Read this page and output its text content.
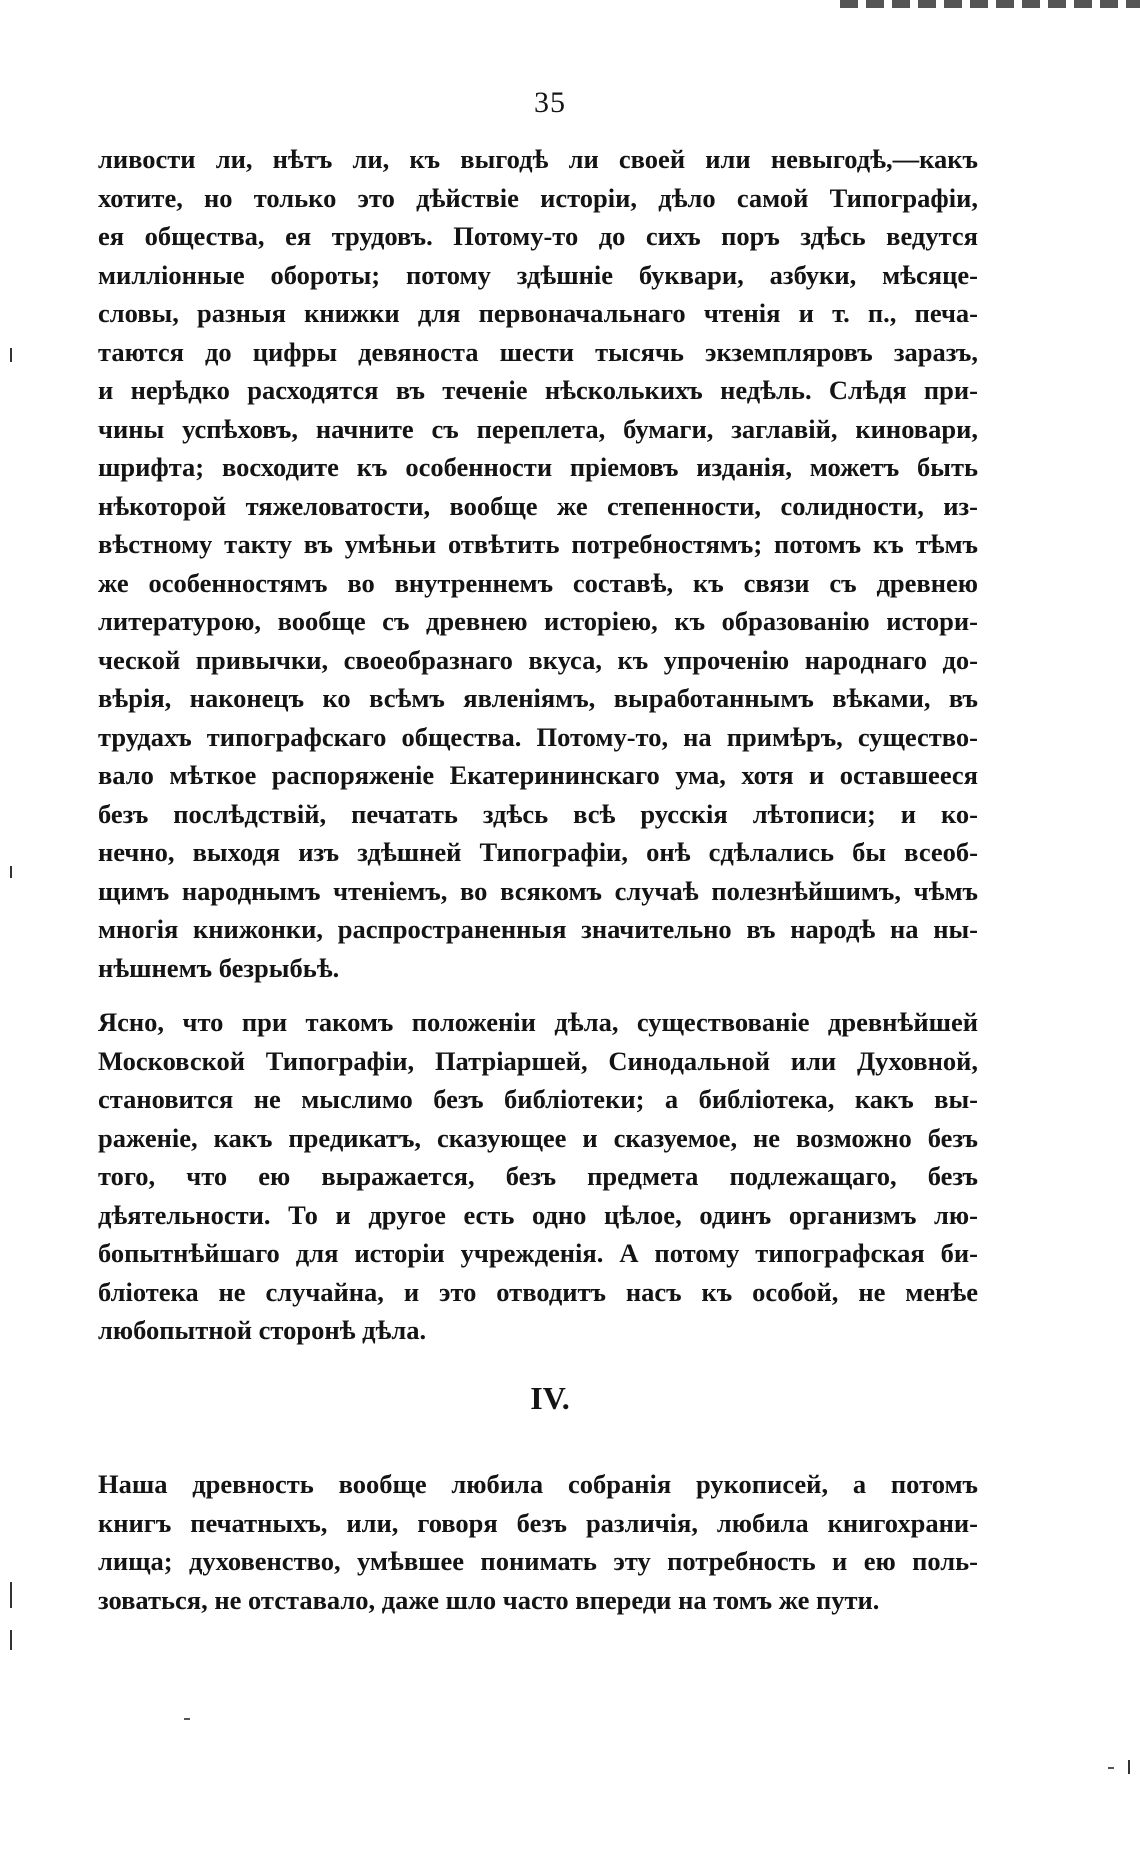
35
ливости ли, нѣтъ ли, къ выгодѣ ли своей или невыгодѣ,—какъ
хотите, но только это дѣйствіе исторіи, дѣло самой Типографіи,
ея общества, ея трудовъ. Потому-то до сихъ поръ здѣсь ведутся
милліонные обороты; потому здѣшніе буквари, азбуки, мѣсяце-
словы, разныя книжки для первоначальнаго чтенія и т. п., печа-
таются до цифры девяноста шести тысячь экземпляровъ заразъ,
и нерѣдко расходятся въ теченіе нѣсколькихъ недѣль. Слѣдя при-
чины успѣховъ, начните съ переплета, бумаги, заглавій, киновари,
шрифта; восходите къ особенности пріемовъ изданія, можетъ быть
нѣкоторой тяжеловатости, вообще же степенности, солидности, из-
вѣстному такту въ умѣньи отвѣтить потребностямъ; потомъ къ тѣмъ
же особенностямъ во внутреннемъ составѣ, къ связи съ древнею
литературою, вообще съ древнею исторіею, къ образованію истори-
ческой привычки, своеобразнаго вкуса, къ упроченію народнаго до-
вѣрія, наконецъ ко всѣмъ явленіямъ, выработаннымъ вѣками, въ
трудахъ типографскаго общества. Потому-то, на примѣръ, существо-
вало мѣткое распоряженіе Екатерининскаго ума, хотя и оставшееся
безъ послѣдствій, печатать здѣсь всѣ русскія лѣтописи; и ко-
нечно, выходя изъ здѣшней Типографіи, онѣ сдѣлались бы всеоб-
щимъ народнымъ чтеніемъ, во всякомъ случаѣ полезнѣйшимъ, чѣмъ
многія книжонки, распространенныя значительно въ народѣ на ны-
нѣшнемъ безрыбьѣ.
Ясно, что при такомъ положеніи дѣла, существованіе древнѣйшей
Московской Типографіи, Патріаршей, Синодальной или Духовной,
становится не мыслимо безъ библіотеки; а библіотека, какъ вы-
раженіе, какъ предикатъ, сказующее и сказуемое, не возможно безъ
того, что ею выражается, безъ предмета подлежащаго, безъ
дѣятельности. То и другое есть одно цѣлое, одинъ организмъ лю-
бопытнѣйшаго для исторіи учрежденія. А потому типографская би-
бліотека не случайна, и это отводитъ насъ къ особой, не менѣе
любопытной сторонѣ дѣла.
IV.
Наша древность вообще любила собранія рукописей, а потомъ
книгъ печатныхъ, или, говоря безъ различія, любила книгохрани-
лища; духовенство, умѣвшее понимать эту потребность и ею поль-
зоваться, не отставало, даже шло часто впереди на томъ же пути.
